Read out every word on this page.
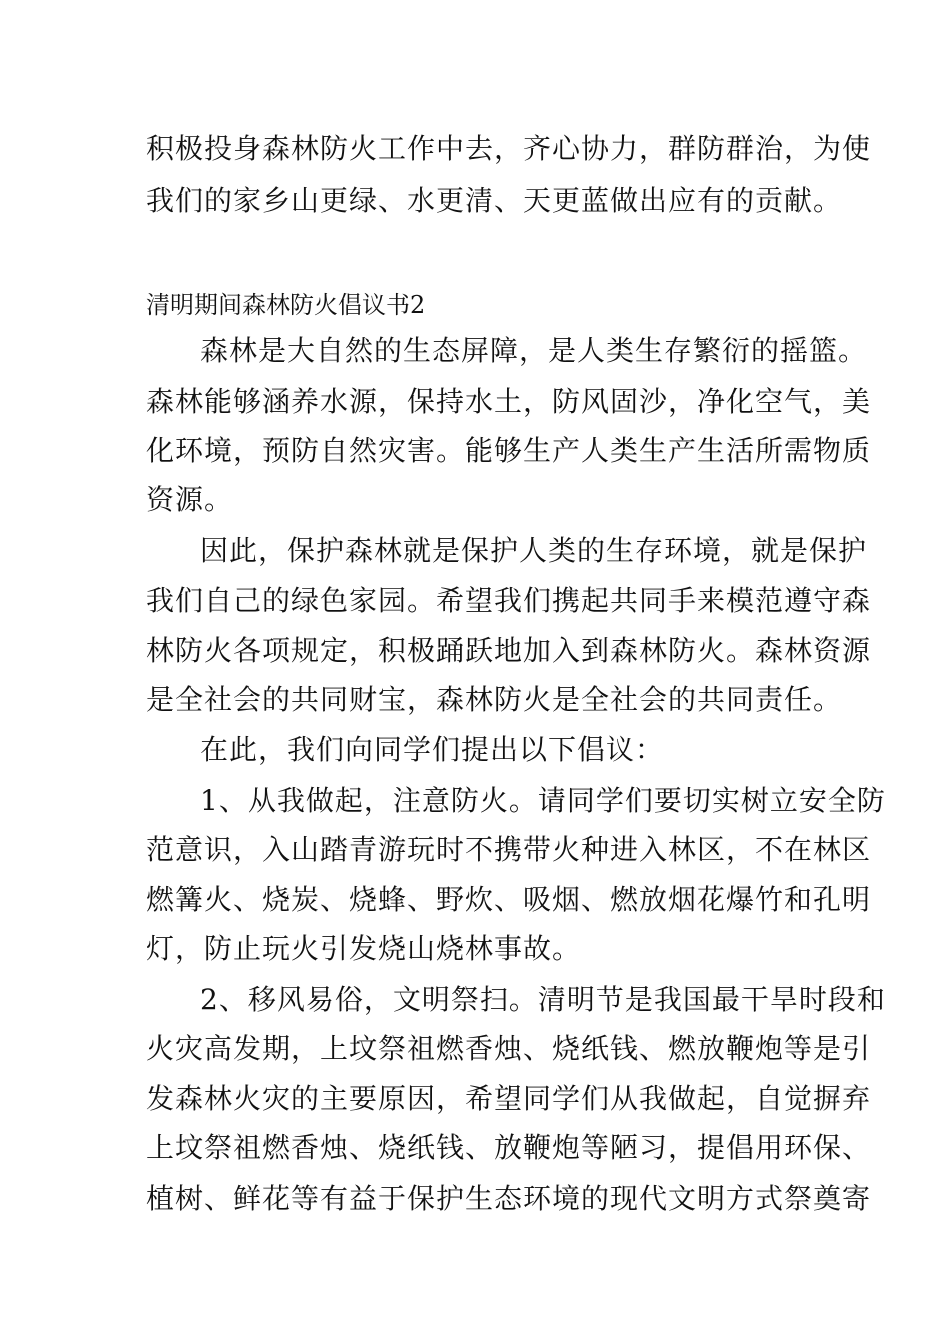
积极投身森林防火工作中去，齐心协力，群防群治，为使
我们的家乡山更绿、水更清、天更蓝做出应有的贡献。
清明期间森林防火倡议书2
森林是大自然的生态屏障，是人类生存繁衍的摇篮。
森林能够涵养水源，保持水土，防风固沙，净化空气，美
化环境，预防自然灾害。能够生产人类生产生活所需物质
资源。
因此，保护森林就是保护人类的生存环境，就是保护
我们自己的绿色家园。希望我们携起共同手来模范遵守森
林防火各项规定，积极踊跃地加入到森林防火。森林资源
是全社会的共同财宝，森林防火是全社会的共同责任。
在此，我们向同学们提出以下倡议：
1、从我做起，注意防火。请同学们要切实树立安全防
范意识，入山踏青游玩时不携带火种进入林区，不在林区
燃篝火、烧炭、烧蜂、野炊、吸烟、燃放烟花爆竹和孔明
灯，防止玩火引发烧山烧林事故。
2、移风易俗，文明祭扫。清明节是我国最干旱时段和
火灾高发期，上坟祭祖燃香烛、烧纸钱、燃放鞭炮等是引
发森林火灾的主要原因，希望同学们从我做起，自觉摒弃
上坟祭祖燃香烛、烧纸钱、放鞭炮等陋习，提倡用环保、
植树、鲜花等有益于保护生态环境的现代文明方式祭奠寄
